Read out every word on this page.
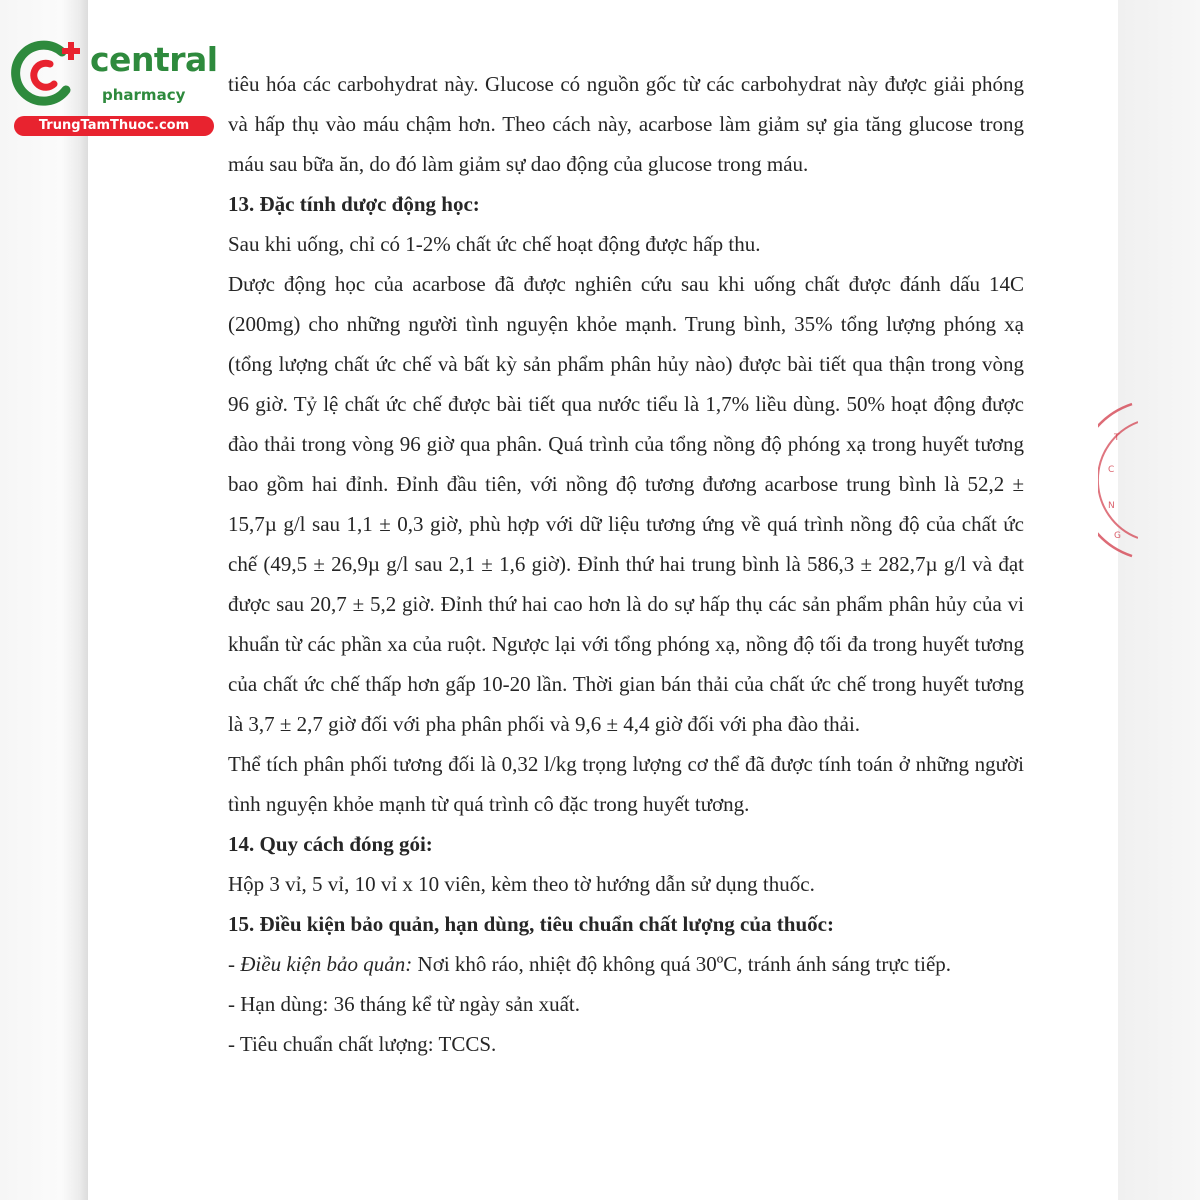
central
pharmacy
TrungTamThuoc.com
T
C
N
G

tiêu hóa các carbohydrat này. Glucose có nguồn gốc từ các carbohydrat này được giải phóng và hấp thụ vào máu chậm hơn. Theo cách này, acarbose làm giảm sự gia tăng glucose trong máu sau bữa ăn, do đó làm giảm sự dao động của glucose trong máu.

13. Đặc tính dược động học:

Sau khi uống, chỉ có 1-2% chất ức chế hoạt động được hấp thu.

Dược động học của acarbose đã được nghiên cứu sau khi uống chất được đánh dấu 14C (200mg) cho những người tình nguyện khỏe mạnh. Trung bình, 35% tổng lượng phóng xạ (tổng lượng chất ức chế và bất kỳ sản phẩm phân hủy nào) được bài tiết qua thận trong vòng 96 giờ. Tỷ lệ chất ức chế được bài tiết qua nước tiểu là 1,7% liều dùng. 50% hoạt động được đào thải trong vòng 96 giờ qua phân. Quá trình của tổng nồng độ phóng xạ trong huyết tương bao gồm hai đỉnh. Đỉnh đầu tiên, với nồng độ tương đương acarbose trung bình là 52,2 ± 15,7µ g/l sau 1,1 ± 0,3 giờ, phù hợp với dữ liệu tương ứng về quá trình nồng độ của chất ức chế (49,5 ± 26,9µ g/l sau 2,1 ± 1,6 giờ). Đỉnh thứ hai trung bình là 586,3 ± 282,7µ g/l và đạt được sau 20,7 ± 5,2 giờ. Đỉnh thứ hai cao hơn là do sự hấp thụ các sản phẩm phân hủy của vi khuẩn từ các phần xa của ruột. Ngược lại với tổng phóng xạ, nồng độ tối đa trong huyết tương của chất ức chế thấp hơn gấp 10-20 lần. Thời gian bán thải của chất ức chế trong huyết tương là 3,7 ± 2,7 giờ đối với pha phân phối và 9,6 ± 4,4 giờ đối với pha đào thải.

Thể tích phân phối tương đối là 0,32 l/kg trọng lượng cơ thể đã được tính toán ở những người tình nguyện khỏe mạnh từ quá trình cô đặc trong huyết tương.

14. Quy cách đóng gói:

Hộp 3 vỉ, 5 vỉ, 10 vỉ x 10 viên, kèm theo tờ hướng dẫn sử dụng thuốc.

15. Điều kiện bảo quản, hạn dùng, tiêu chuẩn chất lượng của thuốc:

- Điều kiện bảo quản: Nơi khô ráo, nhiệt độ không quá 30ºC, tránh ánh sáng trực tiếp.

- Hạn dùng: 36 tháng kể từ ngày sản xuất.

- Tiêu chuẩn chất lượng: TCCS.
